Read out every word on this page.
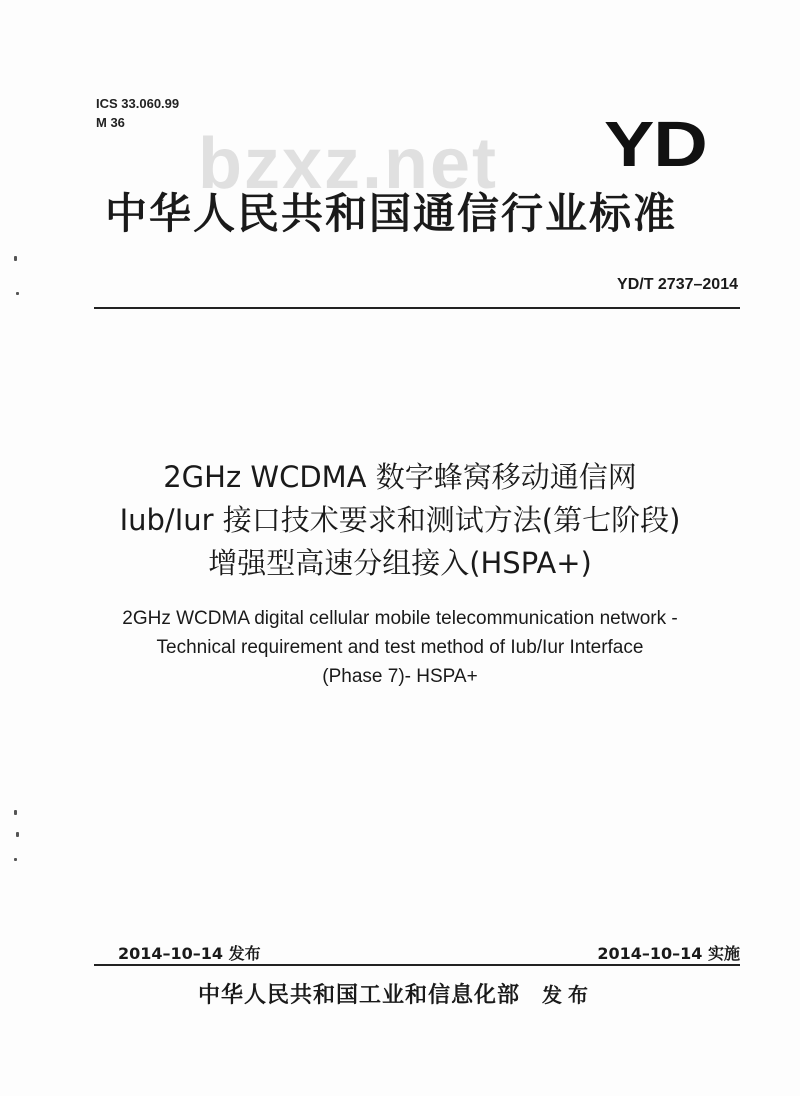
ICS 33.060.99
M 36
bzxz.net YD
中华人民共和国通信行业标准
YD/T 2737–2014
2GHz WCDMA 数字蜂窝移动通信网
Iub/Iur 接口技术要求和测试方法(第七阶段)
增强型高速分组接入(HSPA+)
2GHz WCDMA digital cellular mobile telecommunication network -
Technical requirement and test method of Iub/Iur Interface
(Phase 7)- HSPA+
2014–10–14 发布	2014–10–14 实施
中华人民共和国工业和信息化部 发布
